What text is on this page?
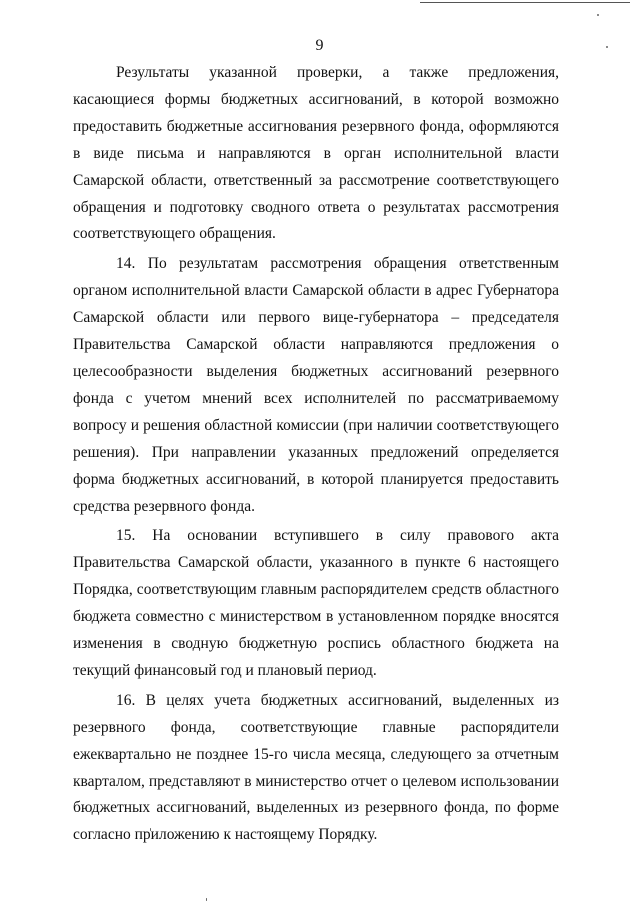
9

Результаты указанной проверки, а также предложения, касающиеся формы бюджетных ассигнований, в которой возможно предоставить бюджетные ассигнования резервного фонда, оформляются в виде письма и направляются в орган исполнительной власти Самарской области, ответственный за рассмотрение соответствующего обращения и подготовку сводного ответа о результатах рассмотрения соответствующего обращения.

14. По результатам рассмотрения обращения ответственным органом исполнительной власти Самарской области в адрес Губернатора Самарской области или первого вице-губернатора – председателя Правительства Самарской области направляются предложения о целесообразности выделения бюджетных ассигнований резервного фонда с учетом мнений всех исполнителей по рассматриваемому вопросу и решения областной комиссии (при наличии соответствующего решения). При направлении указанных предложений определяется форма бюджетных ассигнований, в которой планируется предоставить средства резервного фонда.

15. На основании вступившего в силу правового акта Правительства Самарской области, указанного в пункте 6 настоящего Порядка, соответствующим главным распорядителем средств областного бюджета совместно с министерством в установленном порядке вносятся изменения в сводную бюджетную роспись областного бюджета на текущий финансовый год и плановый период.

16. В целях учета бюджетных ассигнований, выделенных из резервного фонда, соответствующие главные распорядители ежеквартально не позднее 15-го числа месяца, следующего за отчетным кварталом, представляют в министерство отчет о целевом использовании бюджетных ассигнований, выделенных из резервного фонда, по форме согласно приложению к настоящему Порядку.
